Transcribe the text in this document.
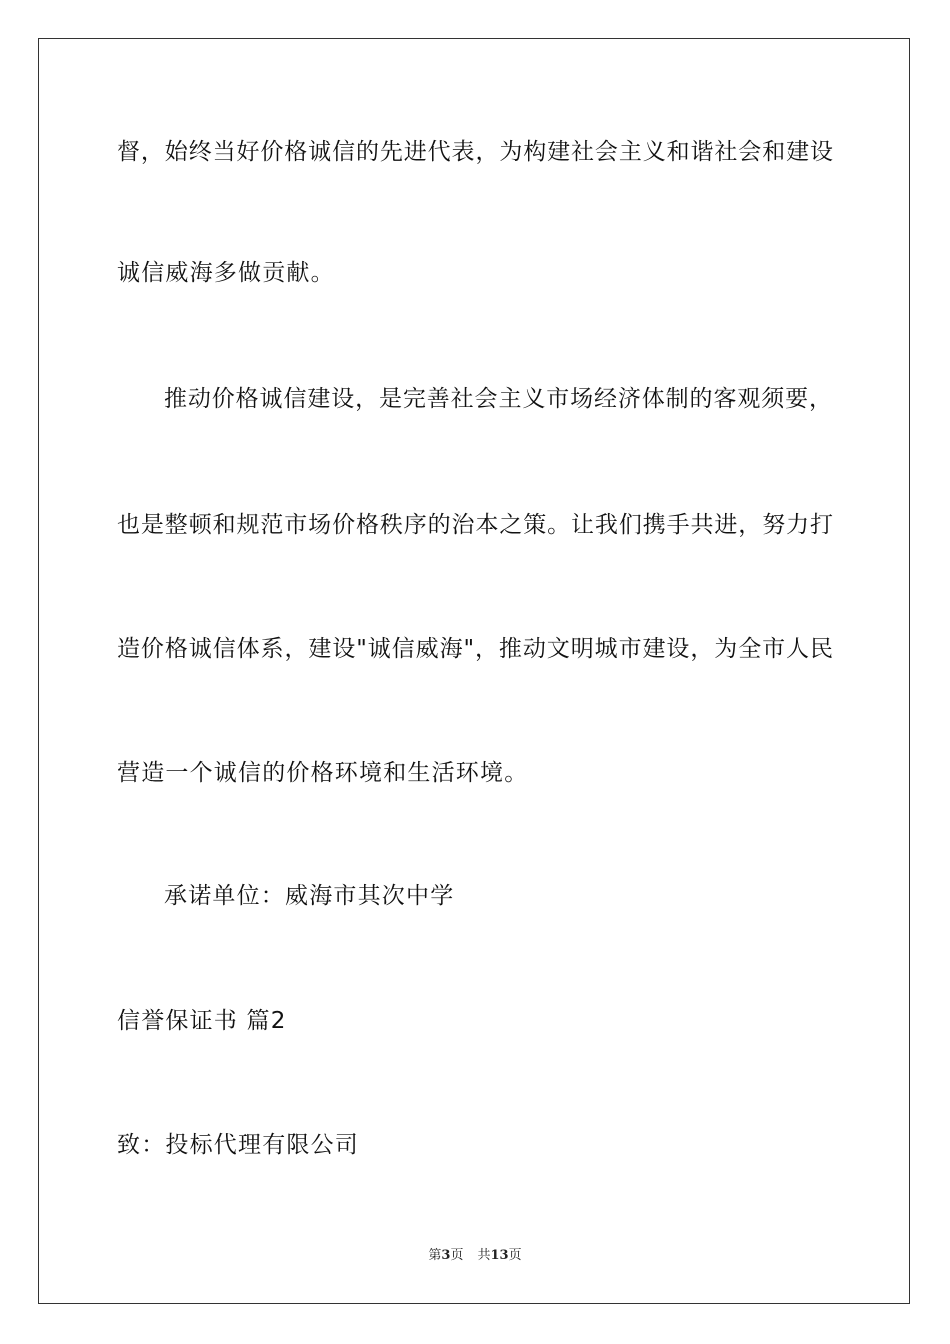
督，始终当好价格诚信的先进代表，为构建社会主义和谐社会和建设
诚信威海多做贡献。
推动价格诚信建设，是完善社会主义市场经济体制的客观须要，
也是整顿和规范市场价格秩序的治本之策。让我们携手共进，努力打
造价格诚信体系，建设"诚信威海"，推动文明城市建设，为全市人民
营造一个诚信的价格环境和生活环境。
承诺单位：威海市其次中学
信誉保证书 篇2
致：投标代理有限公司
第3页 共13页
